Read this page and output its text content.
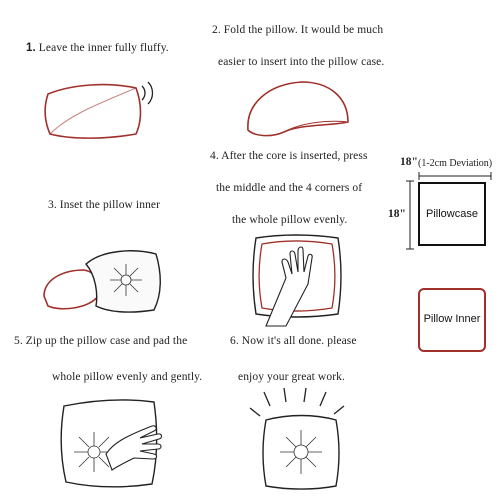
1. Leave the inner fully fluffy.
2. Fold the pillow. It would be much
easier to insert into the pillow case.
3. Inset the pillow inner
4. After the core is inserted, press
the middle and the 4 corners of
the whole pillow evenly.
18" (1-2cm Deviation)
18"	Pillowcase
Pillow Inner
5. Zip up the pillow case and pad the
whole pillow evenly and gently.
6. Now it's all done. please
enjoy your great work.
